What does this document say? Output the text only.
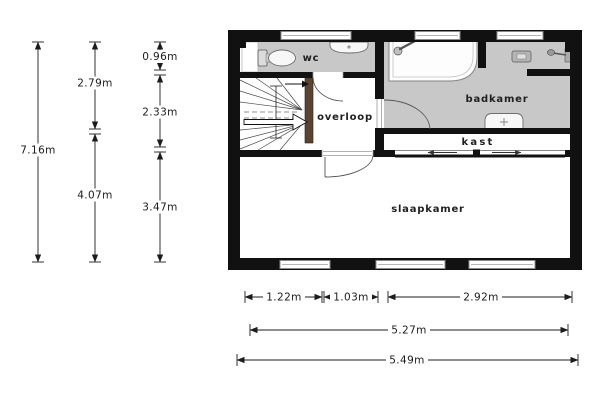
wc
overloop
badkamer
kast
slaapkamer
7.16m
2.79m
4.07m
0.96m
2.33m
3.47m
1.22m	1.03m	2.92m
5.27m
5.49m
